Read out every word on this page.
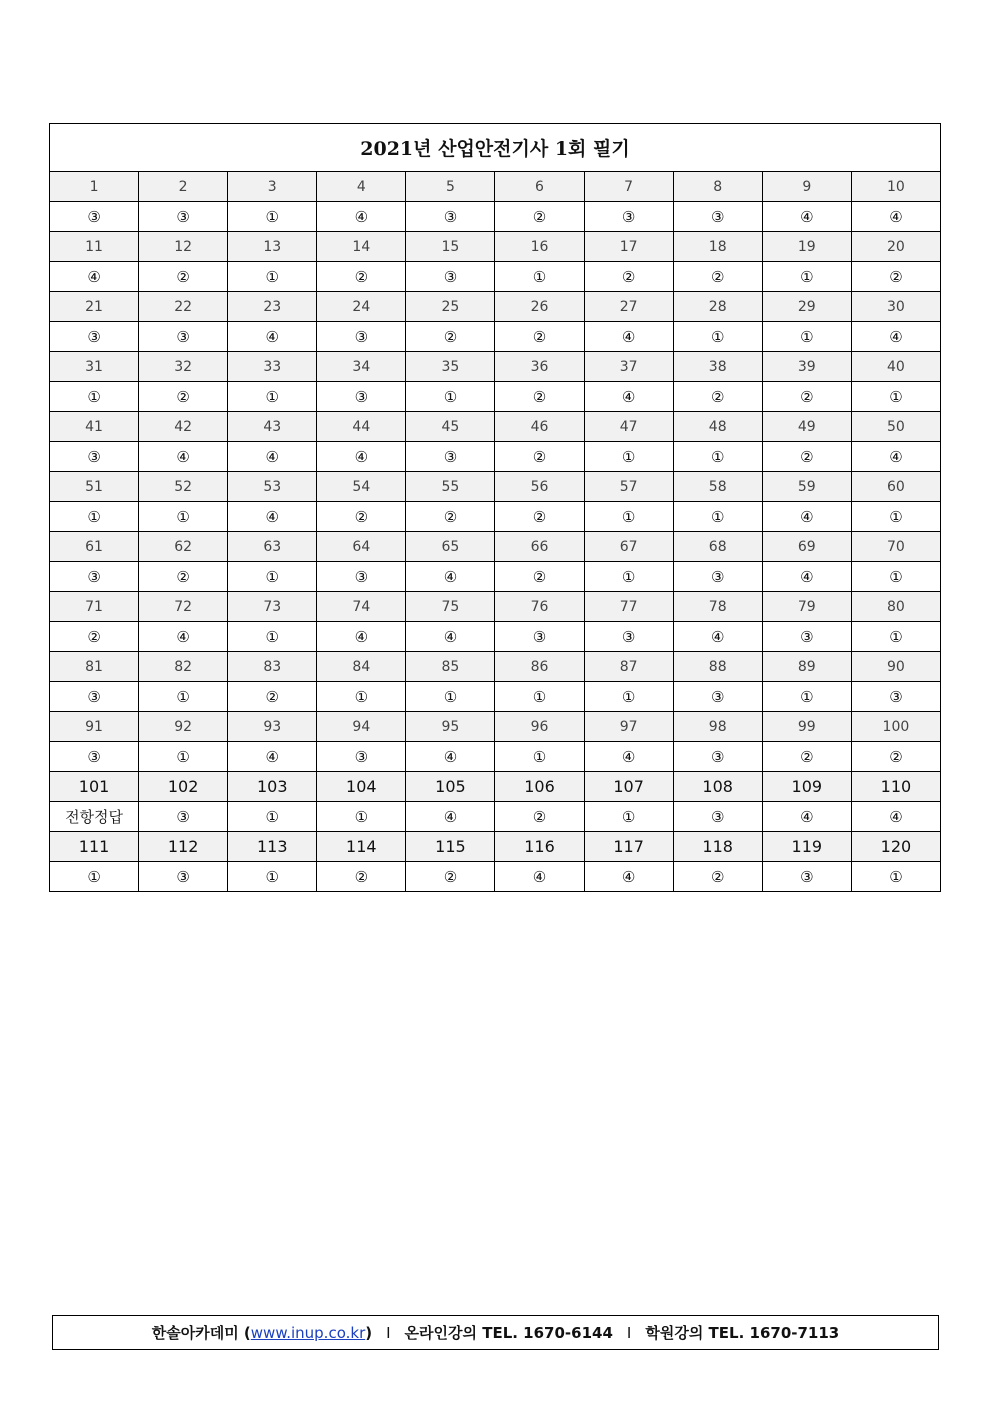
2021년 산업안전기사 1회 필기									
1	2	3	4	5	6	7	8	9	10
③	③	①	④	③	②	③	③	④	④
11	12	13	14	15	16	17	18	19	20
④	②	①	②	③	①	②	②	①	②
21	22	23	24	25	26	27	28	29	30
③	③	④	③	②	②	④	①	①	④
31	32	33	34	35	36	37	38	39	40
①	②	①	③	①	②	④	②	②	①
41	42	43	44	45	46	47	48	49	50
③	④	④	④	③	②	①	①	②	④
51	52	53	54	55	56	57	58	59	60
①	①	④	②	②	②	①	①	④	①
61	62	63	64	65	66	67	68	69	70
③	②	①	③	④	②	①	③	④	①
71	72	73	74	75	76	77	78	79	80
②	④	①	④	④	③	③	④	③	①
81	82	83	84	85	86	87	88	89	90
③	①	②	①	①	①	①	③	①	③
91	92	93	94	95	96	97	98	99	100
③	①	④	③	④	①	④	③	②	②
101	102	103	104	105	106	107	108	109	110
전항정답	③	①	①	④	②	①	③	④	④
111	112	113	114	115	116	117	118	119	120
①	③	①	②	②	④	④	②	③	①
한솔아카데미 ( www.inup.co.kr ) I 온라인강의
TEL. 1670-6144 I 학원강의
TEL. 1670-7113
